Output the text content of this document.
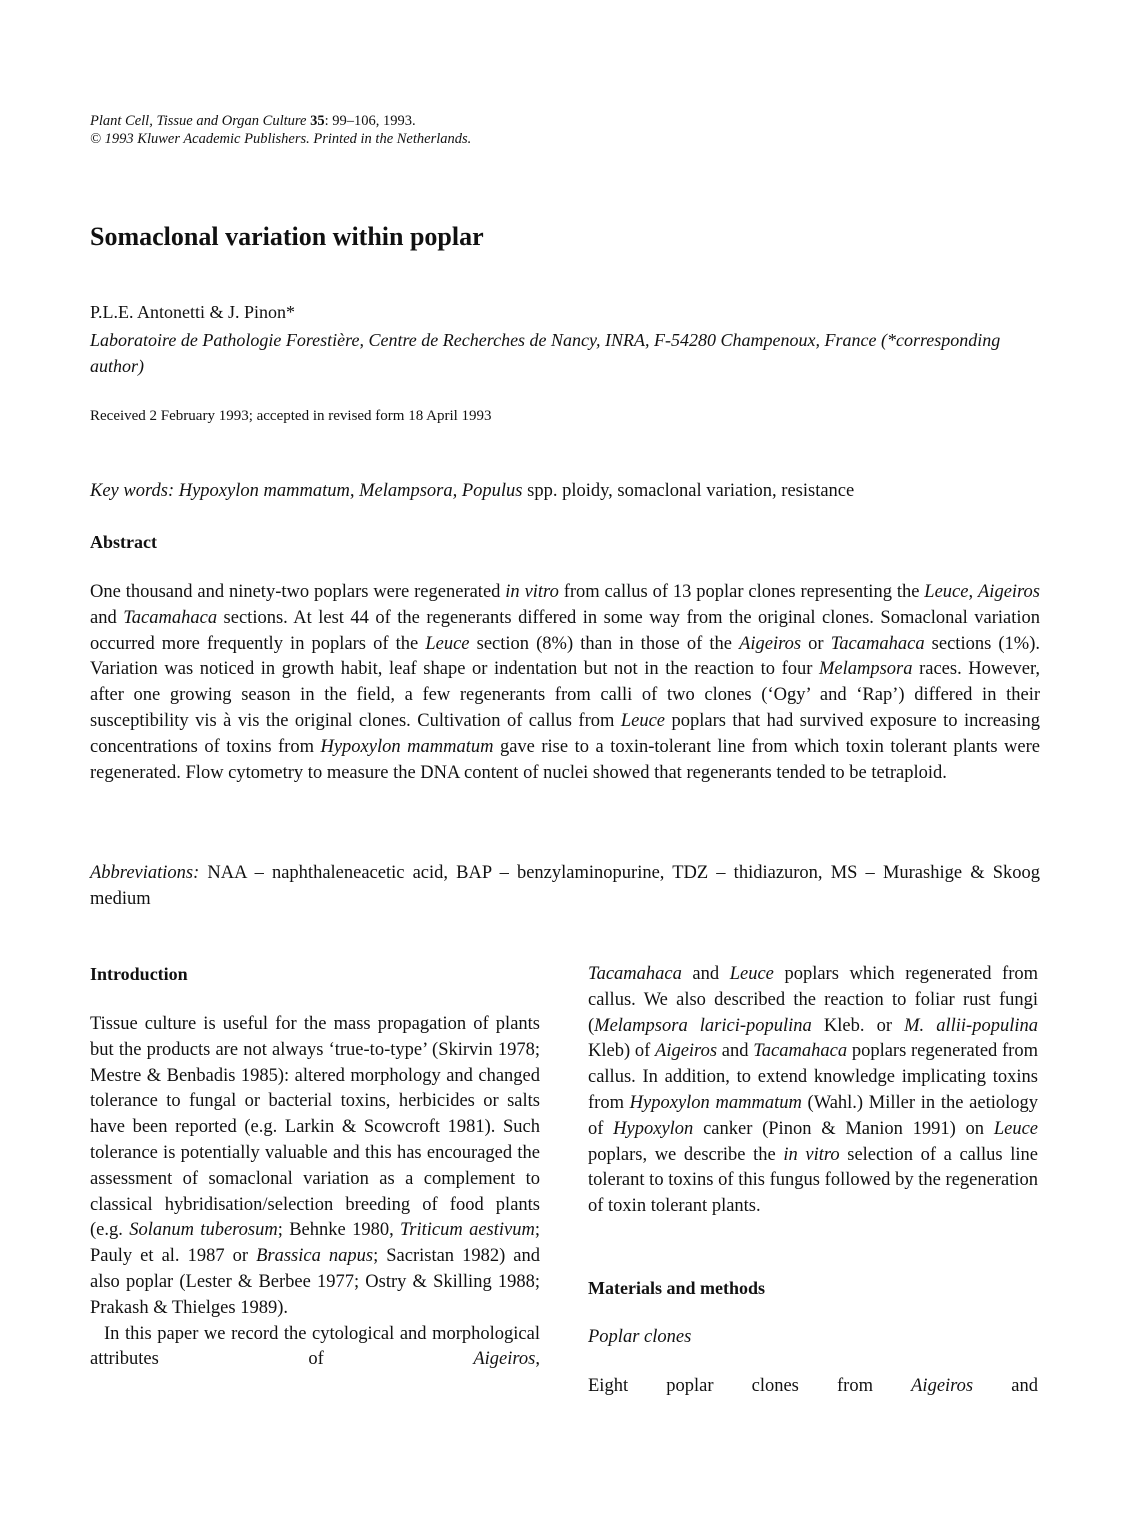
Plant Cell, Tissue and Organ Culture 35: 99–106, 1993.
© 1993 Kluwer Academic Publishers. Printed in the Netherlands.
Somaclonal variation within poplar
P.L.E. Antonetti & J. Pinon*
Laboratoire de Pathologie Forestière, Centre de Recherches de Nancy, INRA, F-54280 Champenoux, France (*corresponding author)
Received 2 February 1993; accepted in revised form 18 April 1993
Key words: Hypoxylon mammatum, Melampsora, Populus spp. ploidy, somaclonal variation, resistance
Abstract

One thousand and ninety-two poplars were regenerated in vitro from callus of 13 poplar clones representing the Leuce, Aigeiros and Tacamahaca sections. At lest 44 of the regenerants differed in some way from the original clones. Somaclonal variation occurred more frequently in poplars of the Leuce section (8%) than in those of the Aigeiros or Tacamahaca sections (1%). Variation was noticed in growth habit, leaf shape or indentation but not in the reaction to four Melampsora races. However, after one growing season in the field, a few regenerants from calli of two clones (‘Ogy’ and ‘Rap’) differed in their susceptibility vis à vis the original clones. Cultivation of callus from Leuce poplars that had survived exposure to increasing concentrations of toxins from Hypoxylon mammatum gave rise to a toxin-tolerant line from which toxin tolerant plants were regenerated. Flow cytometry to measure the DNA content of nuclei showed that regenerants tended to be tetraploid.

Abbreviations: NAA – naphthaleneacetic acid, BAP – benzylaminopurine, TDZ – thidiazuron, MS – Murashige & Skoog medium

Introduction

Tissue culture is useful for the mass propagation of plants but the products are not always ‘true-to-type’ (Skirvin 1978; Mestre & Benbadis 1985): altered morphology and changed tolerance to fungal or bacterial toxins, herbicides or salts have been reported (e.g. Larkin & Scowcroft 1981). Such tolerance is potentially valuable and this has encouraged the assessment of somaclonal variation as a complement to classical hybridisation/selection breeding of food plants (e.g. Solanum tuberosum; Behnke 1980, Triticum aestivum; Pauly et al. 1987 or Brassica napus; Sacristan 1982) and also poplar (Lester & Berbee 1977; Ostry & Skilling 1988; Prakash & Thielges 1989).

In this paper we record the cytological and morphological attributes of Aigeiros,

Tacamahaca and Leuce poplars which regenerated from callus. We also described the reaction to foliar rust fungi (Melampsora larici-populina Kleb. or M. allii-populina Kleb) of Aigeiros and Tacamahaca poplars regenerated from callus. In addition, to extend knowledge implicating toxins from Hypoxylon mammatum (Wahl.) Miller in the aetiology of Hypoxylon canker (Pinon & Manion 1991) on Leuce poplars, we describe the in vitro selection of a callus line tolerant to toxins of this fungus followed by the regeneration of toxin tolerant plants.

Materials and methods
Poplar clones

Eight poplar clones from Aigeiros and
